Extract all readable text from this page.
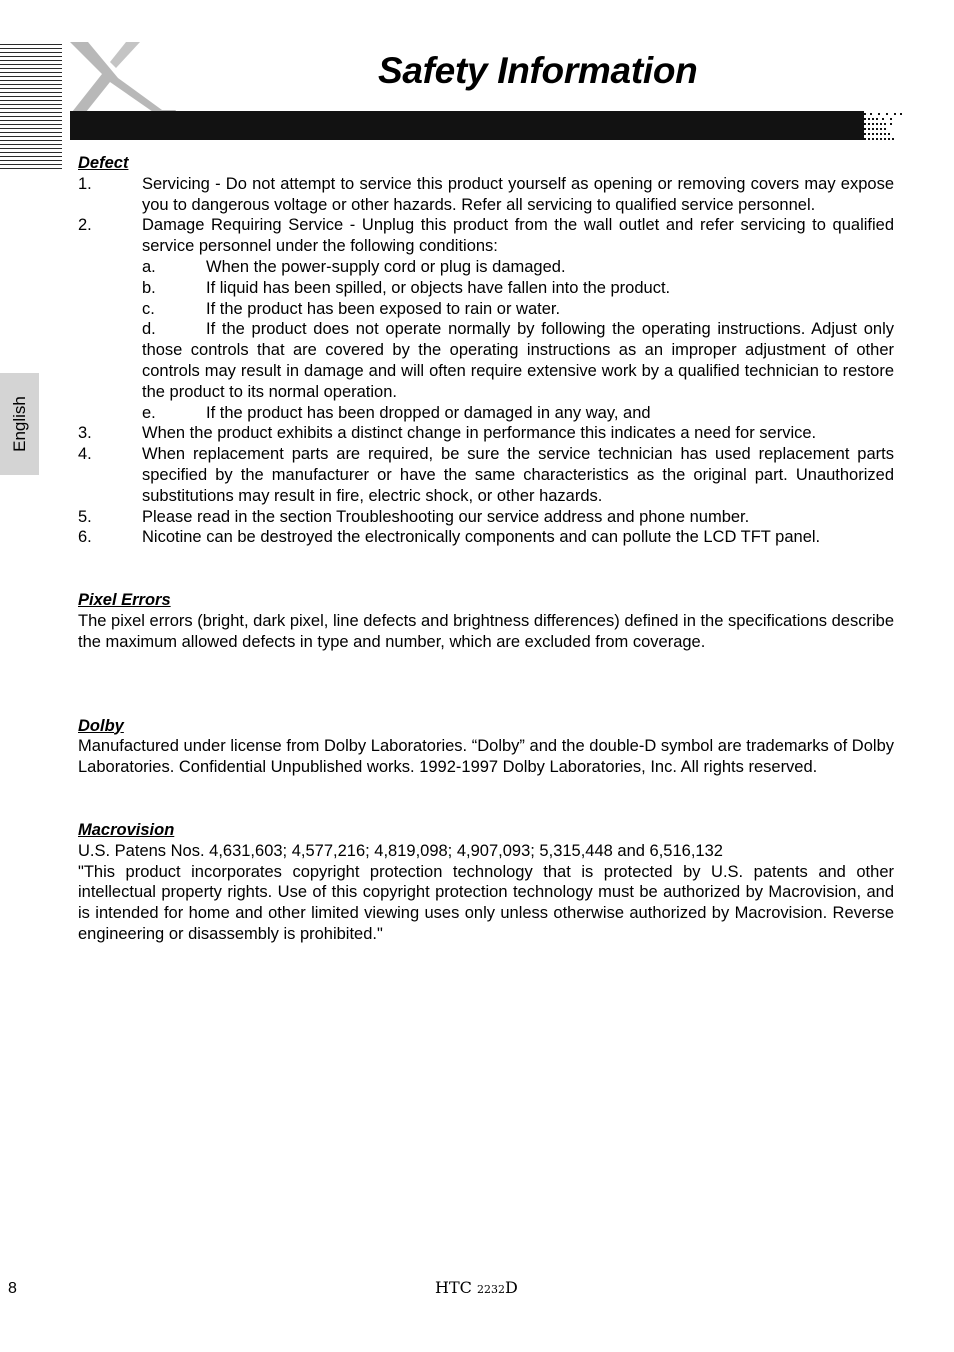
Safety Information
English
Defect
1.	Servicing - Do not attempt to service this product yourself as opening or removing covers may expose you to dangerous voltage or other hazards. Refer all servicing to qualified service personnel.
2.	Damage Requiring Service - Unplug this product from the wall outlet and refer servicing to qualified service personnel under the following conditions:
a.	When the power-supply cord or plug is damaged.
b.	If liquid has been spilled, or objects have fallen into the product.
c.	If the product has been exposed to rain or water.
d.	If the product does not operate normally by following the operating instructions. Adjust only those controls that are covered by the operating instructions as an improper adjustment of other controls may result in damage and will often require extensive work by a qualified technician to restore the product to its normal operation.
e.	If the product has been dropped or damaged in any way, and
3.	When the product exhibits a distinct change in performance this indicates a need for service.
4.	When replacement parts are required, be sure the service technician has used replacement parts specified by the manufacturer or have the same characteristics as the original part. Unauthorized substitutions may result in fire, electric shock, or other hazards.
5.	Please read in the section Troubleshooting our service address and phone number.
6.	Nicotine can be destroyed the electronically components and can pollute the LCD TFT panel.
Pixel Errors
The pixel errors (bright, dark pixel, line defects and brightness differences) defined in the specifications describe the maximum allowed defects in type and number, which are excluded from coverage.
Dolby
Manufactured under license from Dolby Laboratories. “Dolby” and the double-D symbol are trademarks of Dolby Laboratories. Confidential Unpublished works. 1992-1997 Dolby Laboratories, Inc. All rights reserved.
Macrovision
U.S. Patens Nos. 4,631,603; 4,577,216; 4,819,098; 4,907,093; 5,315,448 and 6,516,132
"This product incorporates copyright protection technology that is protected by U.S. patents and other intellectual property rights. Use of this copyright protection technology must be authorized by Macrovision, and is intended for home and other limited viewing uses only unless otherwise authorized by Macrovision. Reverse engineering or disassembly is prohibited."
8	HTC 2232D
